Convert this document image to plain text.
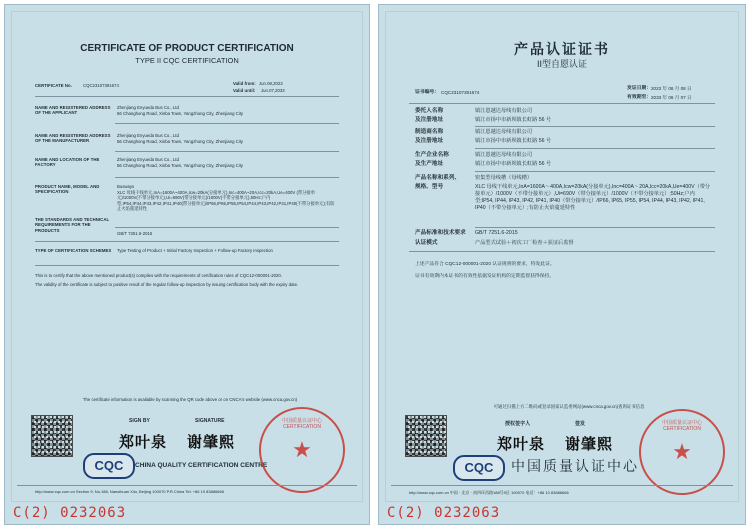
CERTIFICATE OF PRODUCT CERTIFICATION
TYPE II CQC CERTIFICATION
CERTIFICATE No.	CQC23107391674	Valid from: Jun.08,2023
Valid until: Jun.07,2033
NAME AND REGISTERED ADDRESS OF THE APPLICANT
Zhenjiang Enyueda Bus Co., Ltd
56 Changhong Road, Xinba Town, Yangzhong City, Zhenjiang City
NAME AND REGISTERED ADDRESS OF THE MANUFACTURER
Zhenjiang Enyueda Bus Co., Ltd
56 Changhong Road, Xinba Town, Yangzhong City, Zhenjiang City
NAME AND LOCATION OF THE FACTORY
Zhenjiang Enyueda Bus Co., Ltd
56 Changhong Road, Xinba Town, Yangzhong City, Zhenjiang City
PRODUCT NAME, MODEL AND SPECIFICATION
Busways
XLC 母线干线单元,InA=1600A~400A,Icw=20kA(分接单元),Inc=400A~20A,Icc=20kA,Ue=400V (带分接单元)/1000V(不带分接单元),Ui=690V(带分接单元)/1000V(不带分接单元),50Hz;户内型,IP54,IP44,IP43,IP42,IP41,IP40(带分接单元)/IP66,IP65,IP55,IP54,IP44,IP43,IP42,IP41,IP40(不带分接单元);有防止火焰蔓延特性
THE STANDARDS AND TECHNICAL REQUIREMENTS FOR THE PRODUCTS
GB/T 7251.6-2015
TYPE OF CERTIFICATION SCHEMES	Type Testing of Product + Initial Factory Inspection + Follow-up Factory Inspection
This is to certify that the above mentioned product(s) complies with the requirements of certification rules of CQC12-000001-2020.
The validity of the certificate is subject to positive result of the regular follow-up inspection by issuing certification body with the expiry date.
The certificate information is available by scanning the QR code above or on CNCA's website (www.cnca.gov.cn)
SIGN BY	SIGNATURE
郑叶泉 谢肇熙
CQC	CHINA QUALITY CERTIFICATION CENTRE
中国质量认证中心 CERTIFICATION
★
http://www.cqc.com.cn Section 9, No.188, Nansihuan Xilu, Beijing 100070 P.R.China Tel: +86 10 83886666
C(2) 0232063
产品认证证书
II型自愿认证
证书编号： CQC23107391674
发证日期： 2023 年 06 月 08 日
有效期至： 2033 年 06 月 07 日
委托人名称	镇江恩越达母线有限公司
及注册地址	镇江市扬中市新坝镇长虹路 56 号
制造商名称	镇江恩越达母线有限公司
及注册地址	镇江市扬中市新坝镇长虹路 56 号
生产企业名称	镇江恩越达母线有限公司
及生产地址	镇江市扬中市新坝镇长虹路 56 号
产品名称和系列、	密集型母线槽（母线槽）
规格、型号	XLC 母线干线单元,InA=1600A～400A,Icw=20kA(分接单元),Inc=400A～20A,Icc=20kA,Ue=400V（带分接单元）/1000V（不带分接单元）,Ui=690V（带分接单元）/1000V（不带分接单元）;50Hz;户内型;IP54, IP44, IP43, IP42, IP41, IP40（带分接单元）/IP66, IP65, IP55, IP54, IP44, IP43, IP42, IP41, IP40（不带分接单元）;有防止火焰蔓延特性
产品标准和技术要求 GB/T 7251.6-2015
认证模式	产品型式试验＋初次工厂检查＋获证后监督
上述产品符合 CQC12-000001-2020 认证规则的要求，特发此证。
证书有效期内本证书的有效性依据发证机构的定期监督获得保持。
可通过扫描上方二维码或登录国家认监委网站(www.cnca.gov.cn)查询证书信息
授权签字人	签发
郑叶泉 谢肇熙
CQC	中国质量认证中心
中国质量认证中心 CERTIFICATION
★
http://www.cqc.com.cn 中国 · 北京 · 南四环西路188号9区 100070 电话：+86 10 83886666
C(2) 0232063
